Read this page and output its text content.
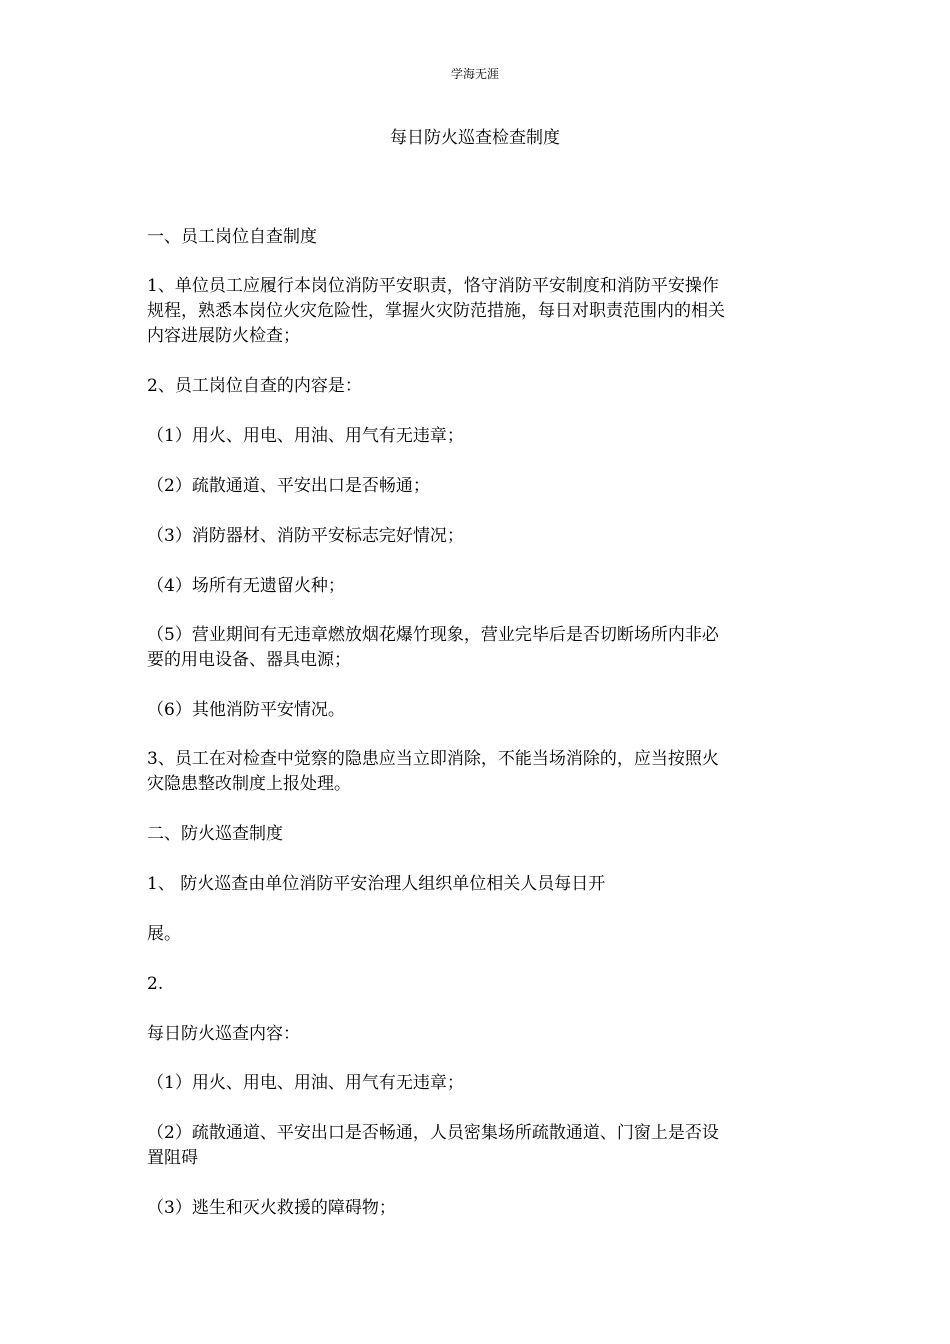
学海无涯
每日防火巡查检查制度
一、员工岗位自查制度
1、单位员工应履行本岗位消防平安职责，恪守消防平安制度和消防平安操作
规程，熟悉本岗位火灾危险性，掌握火灾防范措施，每日对职责范围内的相关
内容进展防火检查；
2、员工岗位自查的内容是：
（1）用火、用电、用油、用气有无违章；
（2）疏散通道、平安出口是否畅通；
（3）消防器材、消防平安标志完好情况；
（4）场所有无遗留火种；
（5）营业期间有无违章燃放烟花爆竹现象，营业完毕后是否切断场所内非必
要的用电设备、器具电源；
（6）其他消防平安情况。
3、员工在对检查中觉察的隐患应当立即消除，不能当场消除的，应当按照火
灾隐患整改制度上报处理。
二、防火巡查制度
1、 防火巡查由单位消防平安治理人组织单位相关人员每日开
展。
2.
每日防火巡查内容：
（1）用火、用电、用油、用气有无违章；
（2）疏散通道、平安出口是否畅通，人员密集场所疏散通道、门窗上是否设
置阻碍
（3）逃生和灭火救援的障碍物；
